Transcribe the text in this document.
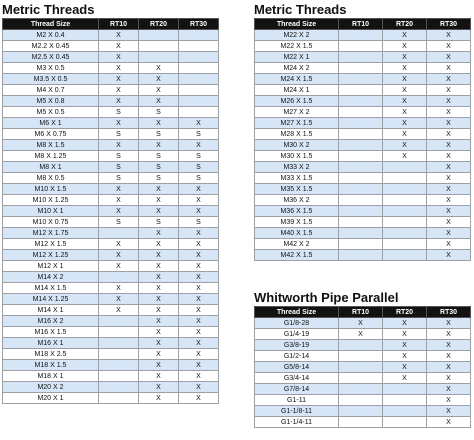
Metric Threads
Thread Size	RT10	RT20	RT30
M2 X 0.4	X		
M2.2 X 0.45	X		
M2.5 X 0.45	X		
M3 X 0.5	X	X	
M3.5 X 0.5	X	X	
M4 X 0.7	X	X	
M5 X 0.8	X	X	
M5 X 0.5	S	S	
M6 X 1	X	X	X
M6 X 0.75	S	S	S
M8 X 1.5	X	X	X
M8 X 1.25	S	S	S
M8 X 1	S	S	S
M8 X 0.5	S	S	S
M10 X 1.5	X	X	X
M10 X 1.25	X	X	X
M10 X 1	X	X	X
M10 X 0.75	S	S	S
M12 X 1.75		X	X
M12 X 1.5	X	X	X
M12 X 1.25	X	X	X
M12 X 1	X	X	X
M14 X 2		X	X
M14 X 1.5	X	X	X
M14 X 1.25	X	X	X
M14 X 1	X	X	X
M16 X 2		X	X
M16 X 1.5		X	X
M16 X 1		X	X
M18 X 2.5		X	X
M18 X 1.5		X	X
M18 X 1		X	X
M20 X 2		X	X
M20 X 1		X	X
Metric Threads
Thread Size	RT10	RT20	RT30
M22 X 2		X	X
M22 X 1.5		X	X
M22 X 1		X	X
M24 X 2		X	X
M24 X 1.5		X	X
M24 X 1		X	X
M26 X 1.5		X	X
M27 X 2		X	X
M27 X 1.5		X	X
M28 X 1.5		X	X
M30 X 2		X	X
M30 X 1.5		X	X
M33 X 2			X
M33 X 1.5			X
M35 X 1.5			X
M36 X 2			X
M36 X 1.5			X
M39 X 1.5			X
M40 X 1.5			X
M42 X 2			X
M42 X 1.5			X
Whitworth Pipe Parallel
Thread Size	RT10	RT20	RT30
G1/8-28	X	X	X
G1/4-19	X	X	X
G3/8-19		X	X
G1/2-14		X	X
G5/8-14		X	X
G3/4-14		X	X
G7/8-14			X
G1-11			X
G1-1/8-11			X
G1-1/4-11			X
